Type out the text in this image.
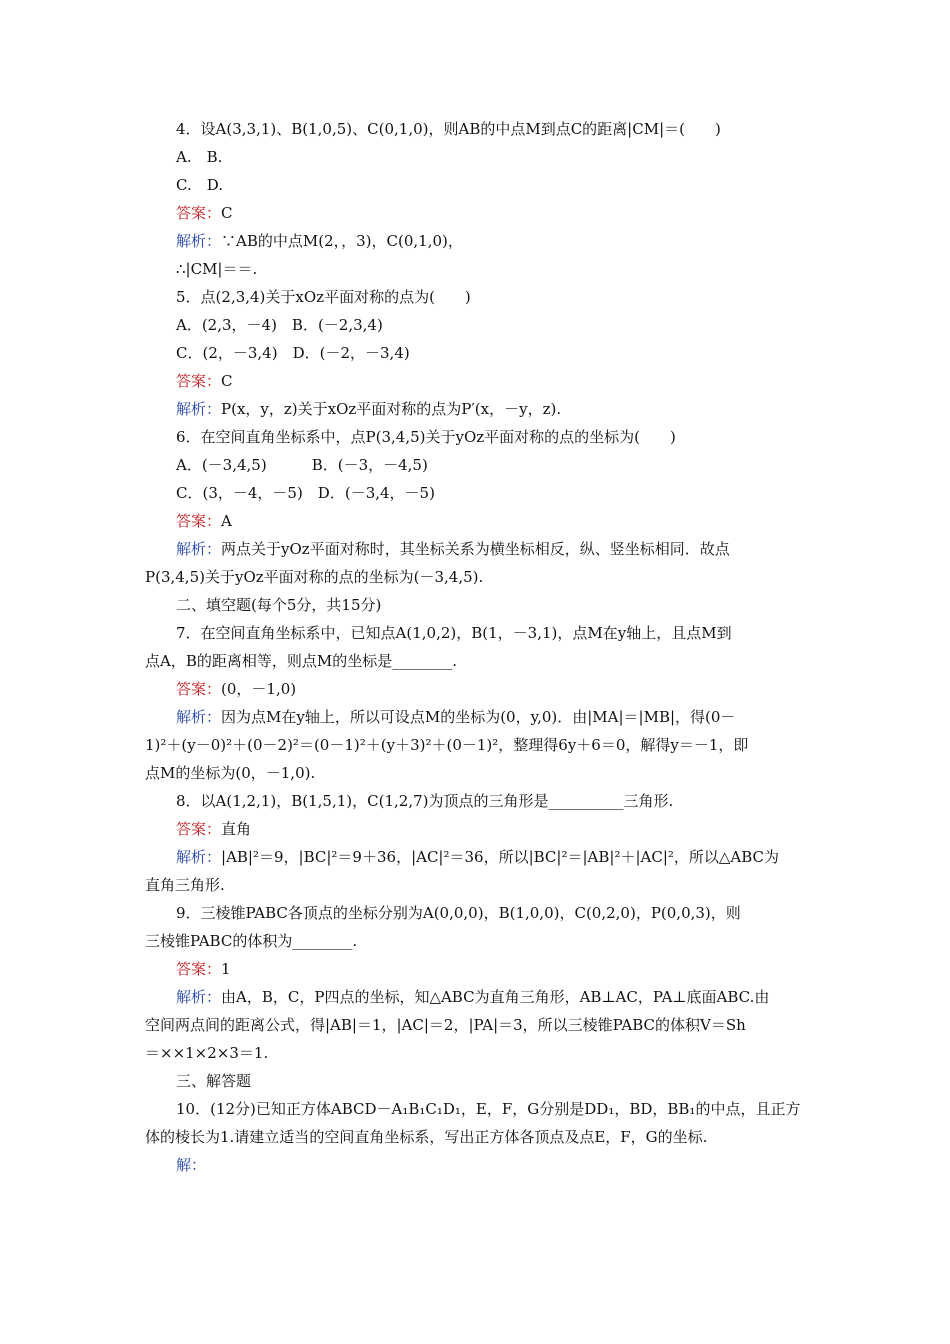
4．设A(3,3,1)、B(1,0,5)、C(0,1,0)，则AB的中点M到点C的距离|CM|＝(　　)
A.　B.
C.　D.
答案：C
解析：∵AB的中点M(2，，3)，C(0,1,0)，
∴|CM|＝＝.
5．点(2,3,4)关于xOz平面对称的点为(　　)
A．(2,3，－4)　B．(－2,3,4)
C．(2，－3,4)　D．(－2，－3,4)
答案：C
解析：P(x，y，z)关于xOz平面对称的点为P′(x，－y，z).
6．在空间直角坐标系中，点P(3,4,5)关于yOz平面对称的点的坐标为(　　)
A．(－3,4,5)　　　B．(－3，－4,5)
C．(3，－4，－5)　D．(－3,4，－5)
答案：A
解析：两点关于yOz平面对称时，其坐标关系为横坐标相反，纵、竖坐标相同．故点
P(3,4,5)关于yOz平面对称的点的坐标为(－3,4,5).
二、填空题(每个5分，共15分)
7．在空间直角坐标系中，已知点A(1,0,2)，B(1，－3,1)，点M在y轴上，且点M到
点A，B的距离相等，则点M的坐标是________.
答案：(0，－1,0)
解析：因为点M在y轴上，所以可设点M的坐标为(0，y,0)．由|MA|＝|MB|，得(0－
1)²＋(y－0)²＋(0－2)²＝(0－1)²＋(y＋3)²＋(0－1)²，整理得6y＋6＝0，解得y＝－1，即
点M的坐标为(0，－1,0).
8．以A(1,2,1)，B(1,5,1)，C(1,2,7)为顶点的三角形是__________三角形.
答案：直角
解析：|AB|²＝9，|BC|²＝9＋36，|AC|²＝36，所以|BC|²＝|AB|²＋|AC|²，所以△ABC为
直角三角形.
9．三棱锥PABC各顶点的坐标分别为A(0,0,0)，B(1,0,0)，C(0,2,0)，P(0,0,3)，则
三棱锥PABC的体积为________.
答案：1
解析：由A，B，C，P四点的坐标，知△ABC为直角三角形，AB⊥AC，PA⊥底面ABC.由
空间两点间的距离公式，得|AB|＝1，|AC|＝2，|PA|＝3，所以三棱锥PABC的体积V＝Sh
＝××1×2×3＝1.
三、解答题
10．(12分)已知正方体ABCD－A₁B₁C₁D₁，E，F，G分别是DD₁，BD，BB₁的中点，且正方
体的棱长为1.请建立适当的空间直角坐标系，写出正方体各顶点及点E，F，G的坐标.
解：
